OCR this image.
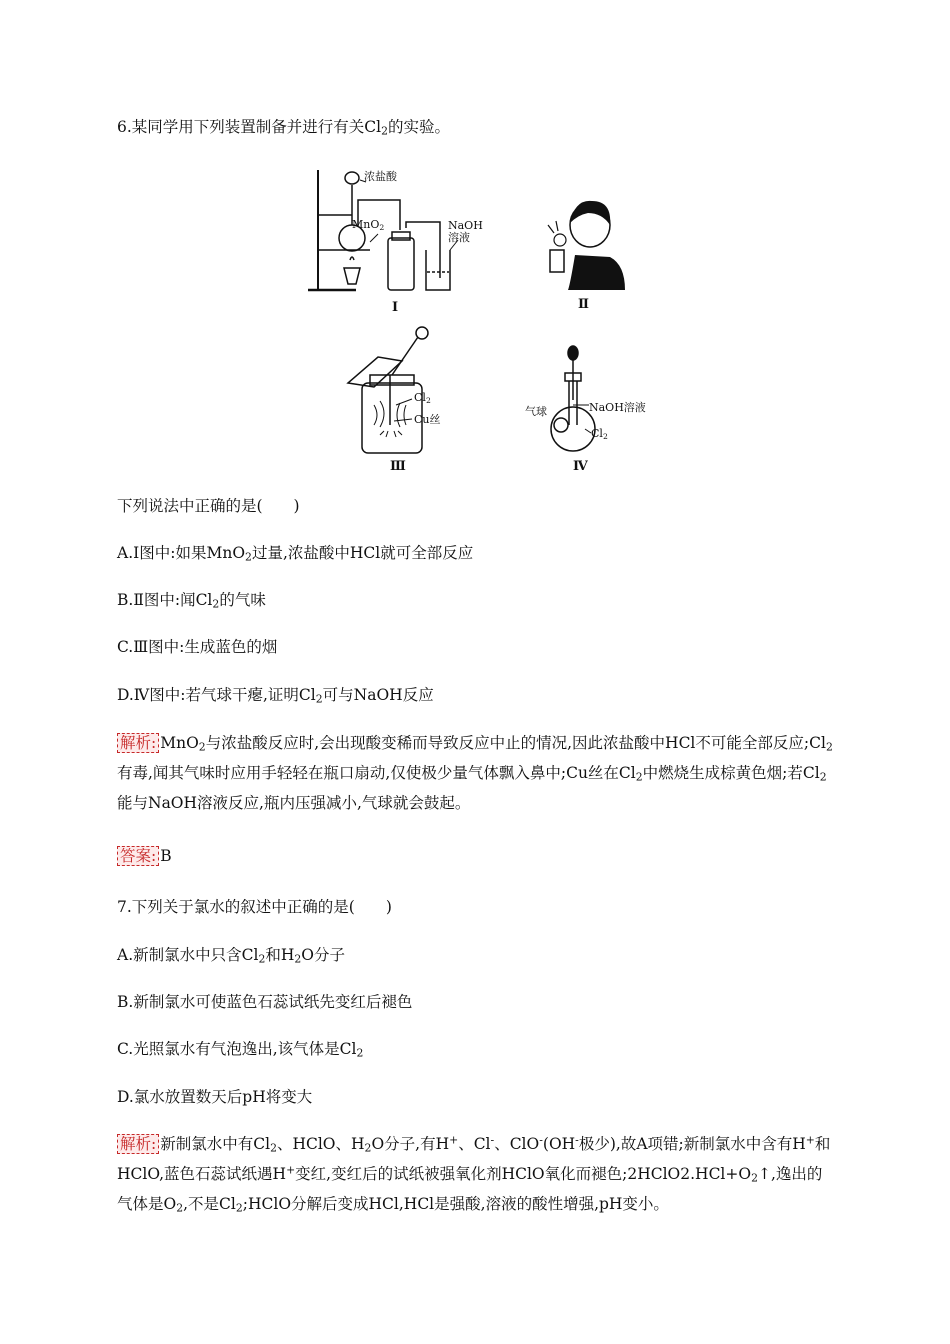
6.某同学用下列装置制备并进行有关$Cl_2$的实验。
浓盐酸
MnO$_2$	NaOH
溶液
Ⅰ	Ⅱ
$Cl_2$
Cu丝
Ⅲ
气球	NaOH溶液
$Cl_2$
Ⅳ
下列说法中正确的是(　　)
A.Ⅰ图中:如果MnO$_2$过量,浓盐酸中HCl就可全部反应
B.Ⅱ图中:闻$Cl_2$的气味
C.Ⅲ图中:生成蓝色的烟
D.Ⅳ图中:若气球干瘪,证明$Cl_2$可与NaOH反应
解析: MnO$_2$与浓盐酸反应时,会出现酸变稀而导致反应中止的情况,因此浓盐酸中HCl不可能全部反应$;Cl_2$有毒,闻其气味时应用手轻轻在瓶口扇动,仅使极少量气体飘入鼻中;Cu丝在$Cl_2$中燃烧生成棕黄色烟;若$Cl_2$能与NaOH溶液反应,瓶内压强减小,气球就会鼓起。
答案: B
7.下列关于氯水的叙述中正确的是(　　)
A.新制氯水中只含$Cl_2$和$H_2O$分子
B.新制氯水可使蓝色石蕊试纸先变红后褪色
C.光照氯水有气泡逸出,该气体是$Cl_2$
D.氯水放置数天后pH将变大
解析: 新制氯水中有$Cl_2$、HClO、$H_2O$分子,有H+、Cl-、ClO-(OH-极少),故A项错;新制氯水中含有H+和HClO,蓝色石蕊试纸遇H+变红,变红后的试纸被强氧化剂HClO氧化而褪色$;2HClO2.HCl+O_2↑$,逸出的气体是$O_2$,不是$Cl_2;HClO$分解后变成HCl,HCl是强酸,溶液的酸性增强,pH变小。
